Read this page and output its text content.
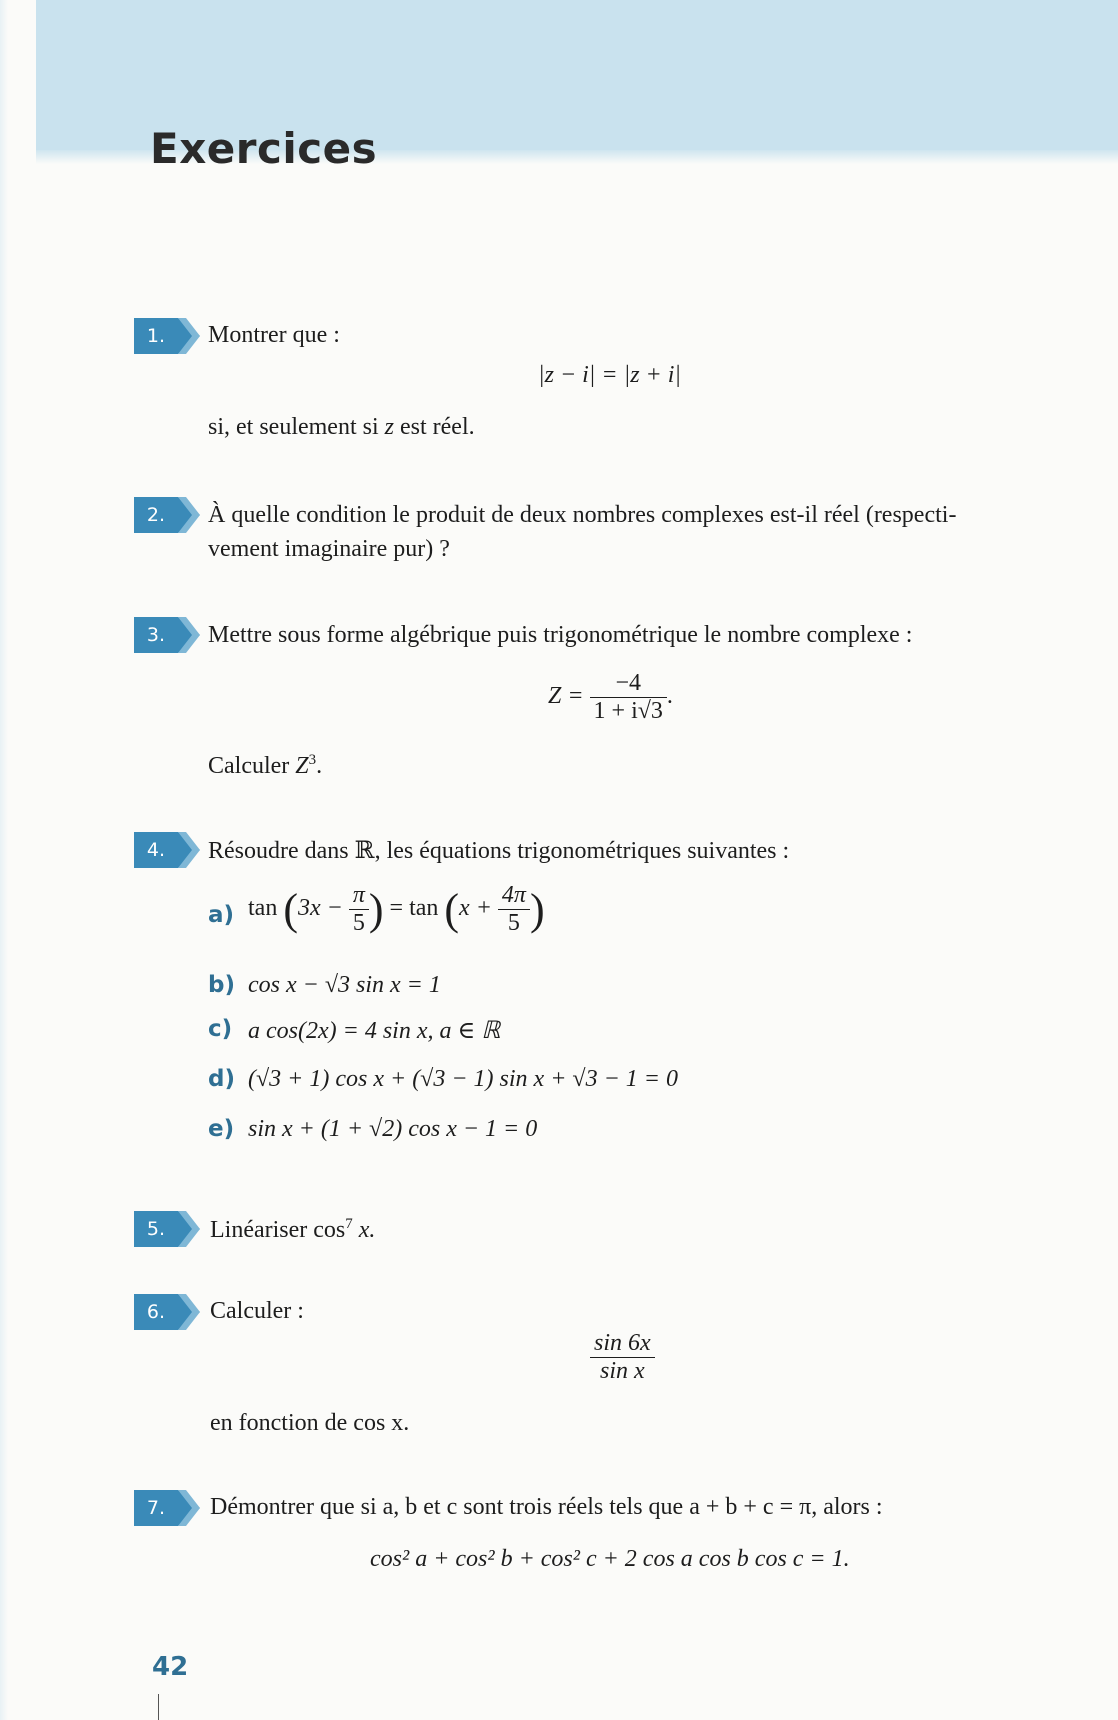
Exercices
1.	Montrer que :
|z − i| = |z + i|
si, et seulement si z est réel.
2.	À quelle condition le produit de deux nombres complexes est-il réel (respecti-
vement imaginaire pur) ?
3.	Mettre sous forme algébrique puis trigonométrique le nombre complexe :
$Z = \frac{-4}{1 + i√3}$ .
Calculer $Z^3$.
4.	Résoudre dans ℝ, les équations trigonométriques suivantes :
a) $\tan (3x - \frac{\pi}{5}$ ) = $\tan (x + \frac{4\pi}{5}$ )
b) cos x − √3 sin x = 1
c) a cos(2x) = 4 sin x, a ∈ ℝ
d) (√3 + 1) cos x + (√3 − 1) sin x + √3 − 1 = 0
e) sin x + (1 + √2) cos x − 1 = 0
5.	Linéariser $\cos^7 x$.
6.	Calculer :
$\frac{\sin 6x}{\text{sin x}}$
en fonction de cos x.
7.	Démontrer que si a, b et c sont trois réels tels que a + b + c = π, alors :
cos² a + cos² b + cos² c + 2 cos a cos b cos c = 1.
42
